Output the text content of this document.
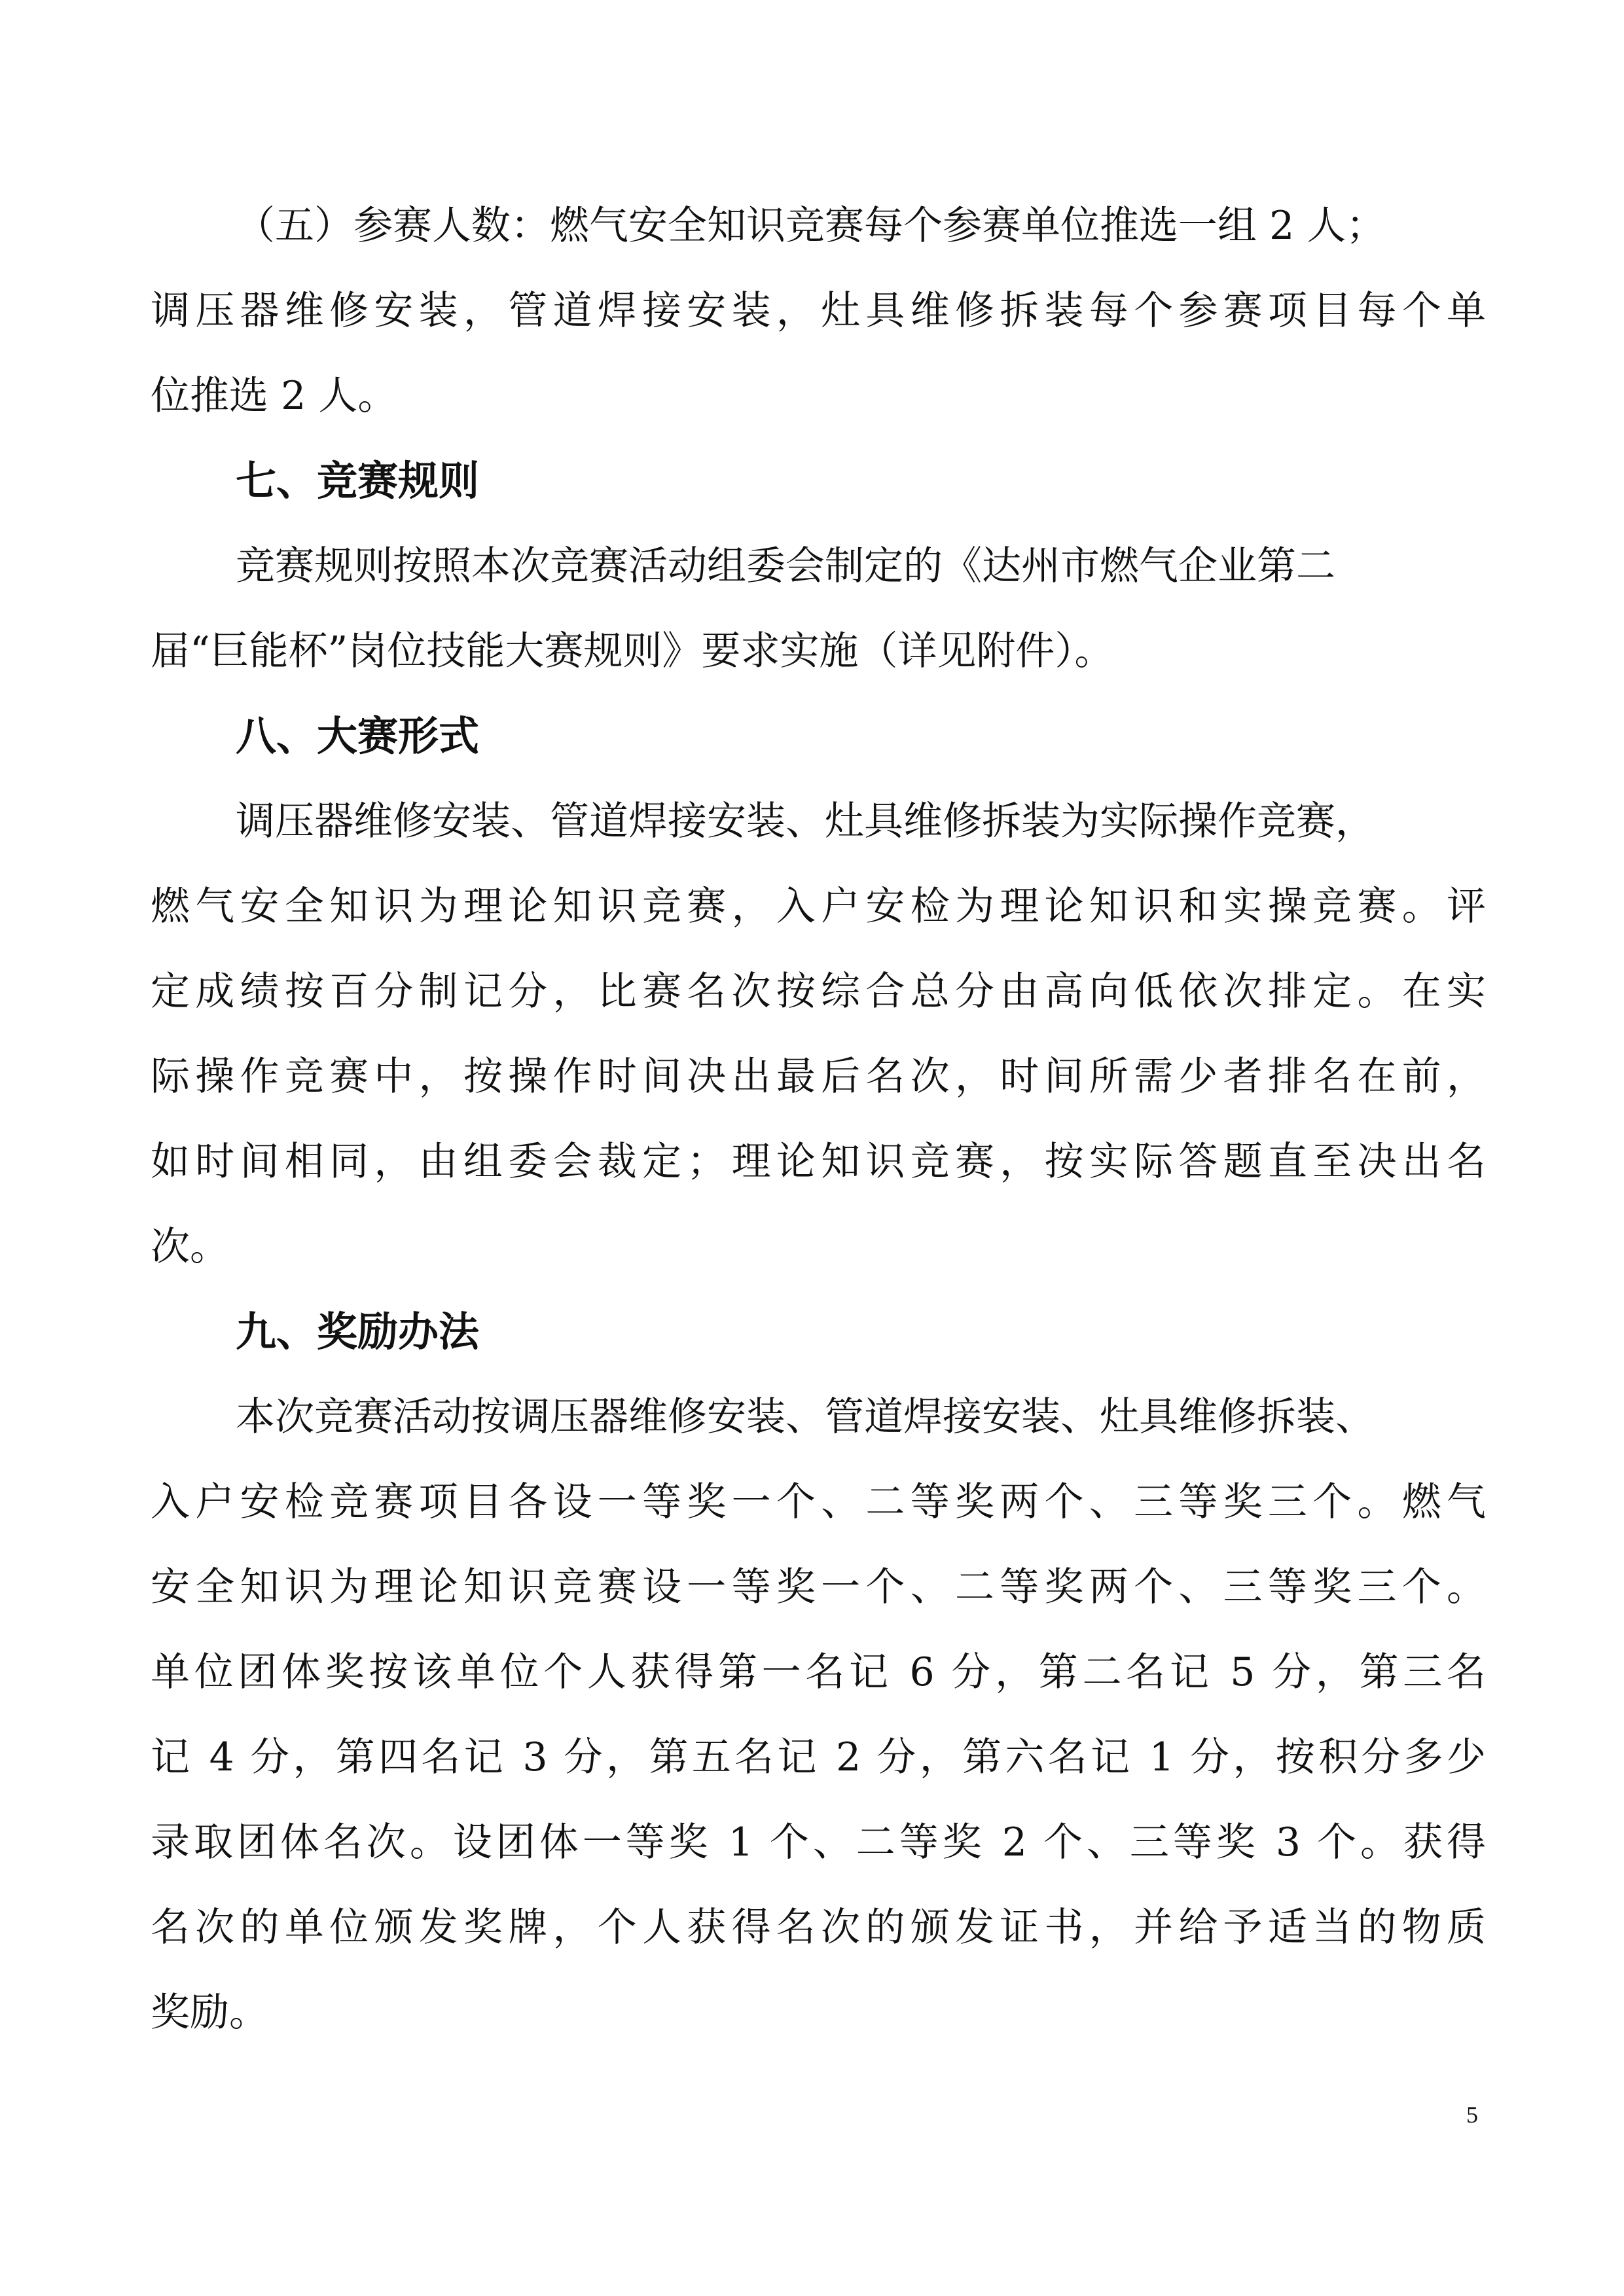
（五）参赛人数：燃气安全知识竞赛每个参赛单位推选一组 2 人；
调压器维修安装，管道焊接安装，灶具维修拆装每个参赛项目每个单
位推选 2 人。
七、竞赛规则
竞赛规则按照本次竞赛活动组委会制定的《达州市燃气企业第二
届“巨能杯”岗位技能大赛规则》要求实施（详见附件）。
八、大赛形式
调压器维修安装、管道焊接安装、灶具维修拆装为实际操作竞赛，
燃气安全知识为理论知识竞赛，入户安检为理论知识和实操竞赛。评
定成绩按百分制记分，比赛名次按综合总分由高向低依次排定。在实
际操作竞赛中，按操作时间决出最后名次，时间所需少者排名在前，
如时间相同，由组委会裁定；理论知识竞赛，按实际答题直至决出名
次。
九、奖励办法
本次竞赛活动按调压器维修安装、管道焊接安装、灶具维修拆装、
入户安检竞赛项目各设一等奖一个、二等奖两个、三等奖三个。燃气
安全知识为理论知识竞赛设一等奖一个、二等奖两个、三等奖三个。
单位团体奖按该单位个人获得第一名记 6 分，第二名记 5 分，第三名
记 4 分，第四名记 3 分，第五名记 2 分，第六名记 1 分，按积分多少
录取团体名次。设团体一等奖 1 个、二等奖 2 个、三等奖 3 个。获得
名次的单位颁发奖牌，个人获得名次的颁发证书，并给予适当的物质
奖励。
5
